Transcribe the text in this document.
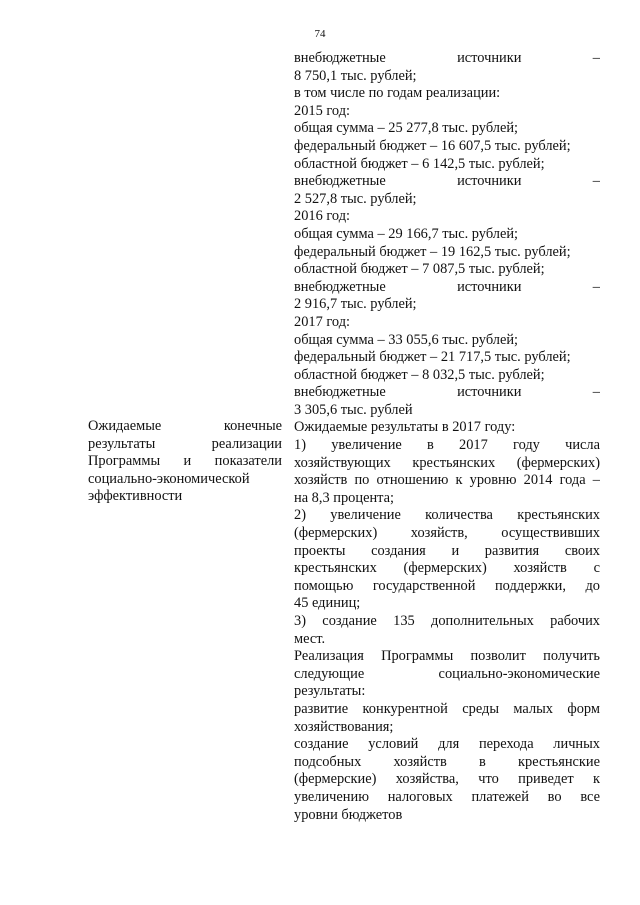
74
Ожидаемые конечные
результаты реализации
Программы и показатели
социально-экономической
эффективности
внебюджетные источники –
8 750,1 тыс. рублей;
в том числе по годам реализации:
2015 год:
общая сумма – 25 277,8 тыс. рублей;
федеральный бюджет – 16 607,5 тыс. рублей;
областной бюджет – 6 142,5 тыс. рублей;
внебюджетные источники –
2 527,8 тыс. рублей;
2016 год:
общая сумма – 29 166,7 тыс. рублей;
федеральный бюджет – 19 162,5 тыс. рублей;
областной бюджет – 7 087,5 тыс. рублей;
внебюджетные источники –
2 916,7 тыс. рублей;
2017 год:
общая сумма – 33 055,6 тыс. рублей;
федеральный бюджет – 21 717,5 тыс. рублей;
областной бюджет – 8 032,5 тыс. рублей;
внебюджетные источники –
3 305,6 тыс. рублей
Ожидаемые результаты в 2017 году:
1) увеличение в 2017 году числа
хозяйствующих крестьянских (фермерских)
хозяйств по отношению к уровню 2014 года –
на 8,3 процента;
2) увеличение количества крестьянских
(фермерских) хозяйств, осуществивших
проекты создания и развития своих
крестьянских (фермерских) хозяйств с
помощью государственной поддержки, до
45 единиц;
3) создание 135 дополнительных рабочих
мест.
Реализация Программы позволит получить
следующие социально-экономические
результаты:
развитие конкурентной среды малых форм
хозяйствования;
создание условий для перехода личных
подсобных хозяйств в крестьянские
(фермерские) хозяйства, что приведет к
увеличению налоговых платежей во все
уровни бюджетов
